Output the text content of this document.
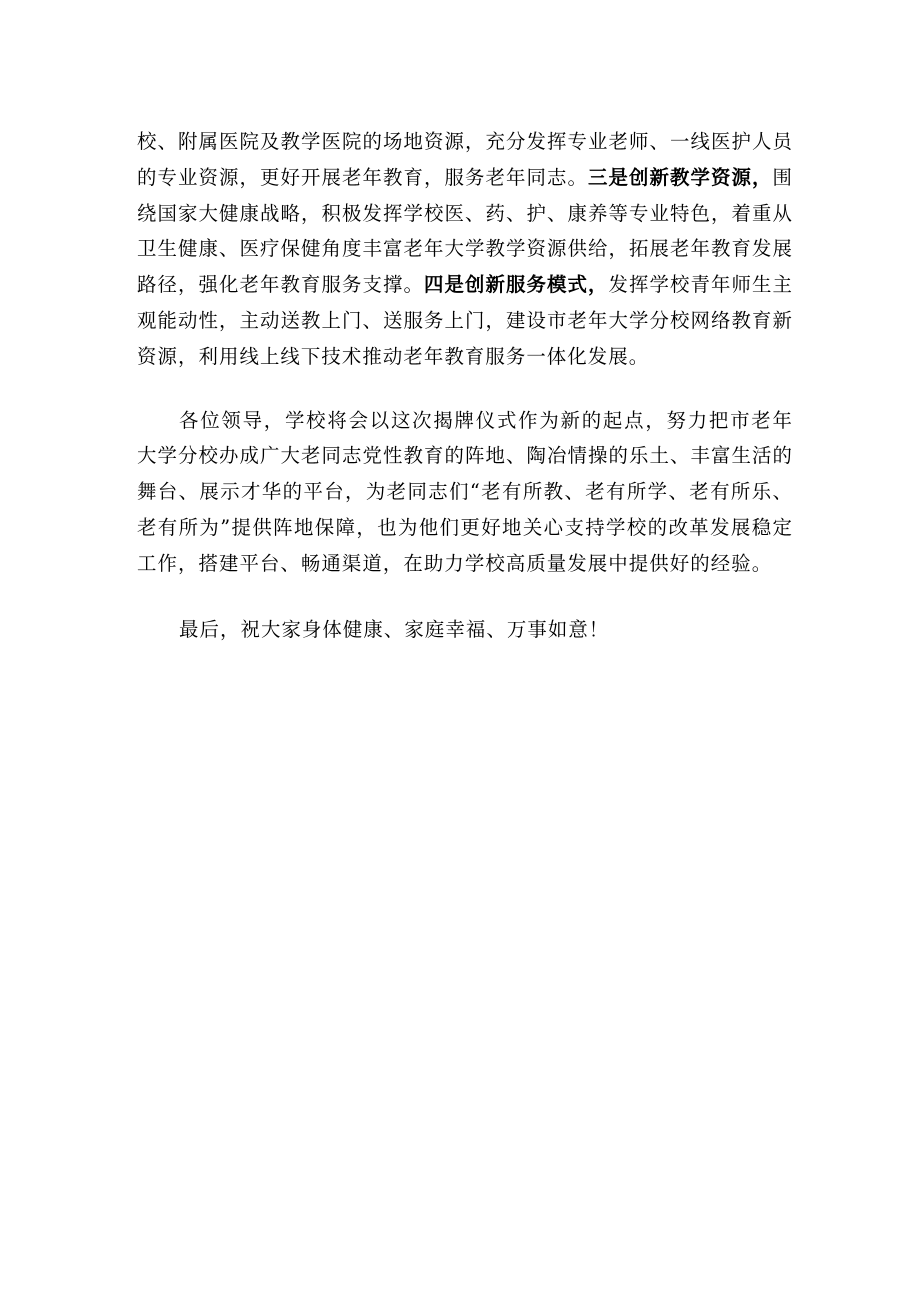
校、附属医院及教学医院的场地资源，充分发挥专业老师、一线医护人员的专业资源，更好开展老年教育，服务老年同志。三是创新教学资源，围绕国家大健康战略，积极发挥学校医、药、护、康养等专业特色，着重从卫生健康、医疗保健角度丰富老年大学教学资源供给，拓展老年教育发展路径，强化老年教育服务支撑。四是创新服务模式，发挥学校青年师生主观能动性，主动送教上门、送服务上门，建设市老年大学分校网络教育新资源，利用线上线下技术推动老年教育服务一体化发展。

各位领导，学校将会以这次揭牌仪式作为新的起点，努力把市老年大学分校办成广大老同志党性教育的阵地、陶冶情操的乐土、丰富生活的舞台、展示才华的平台，为老同志们“老有所教、老有所学、老有所乐、老有所为”提供阵地保障，也为他们更好地关心支持学校的改革发展稳定工作，搭建平台、畅通渠道，在助力学校高质量发展中提供好的经验。

最后，祝大家身体健康、家庭幸福、万事如意！
